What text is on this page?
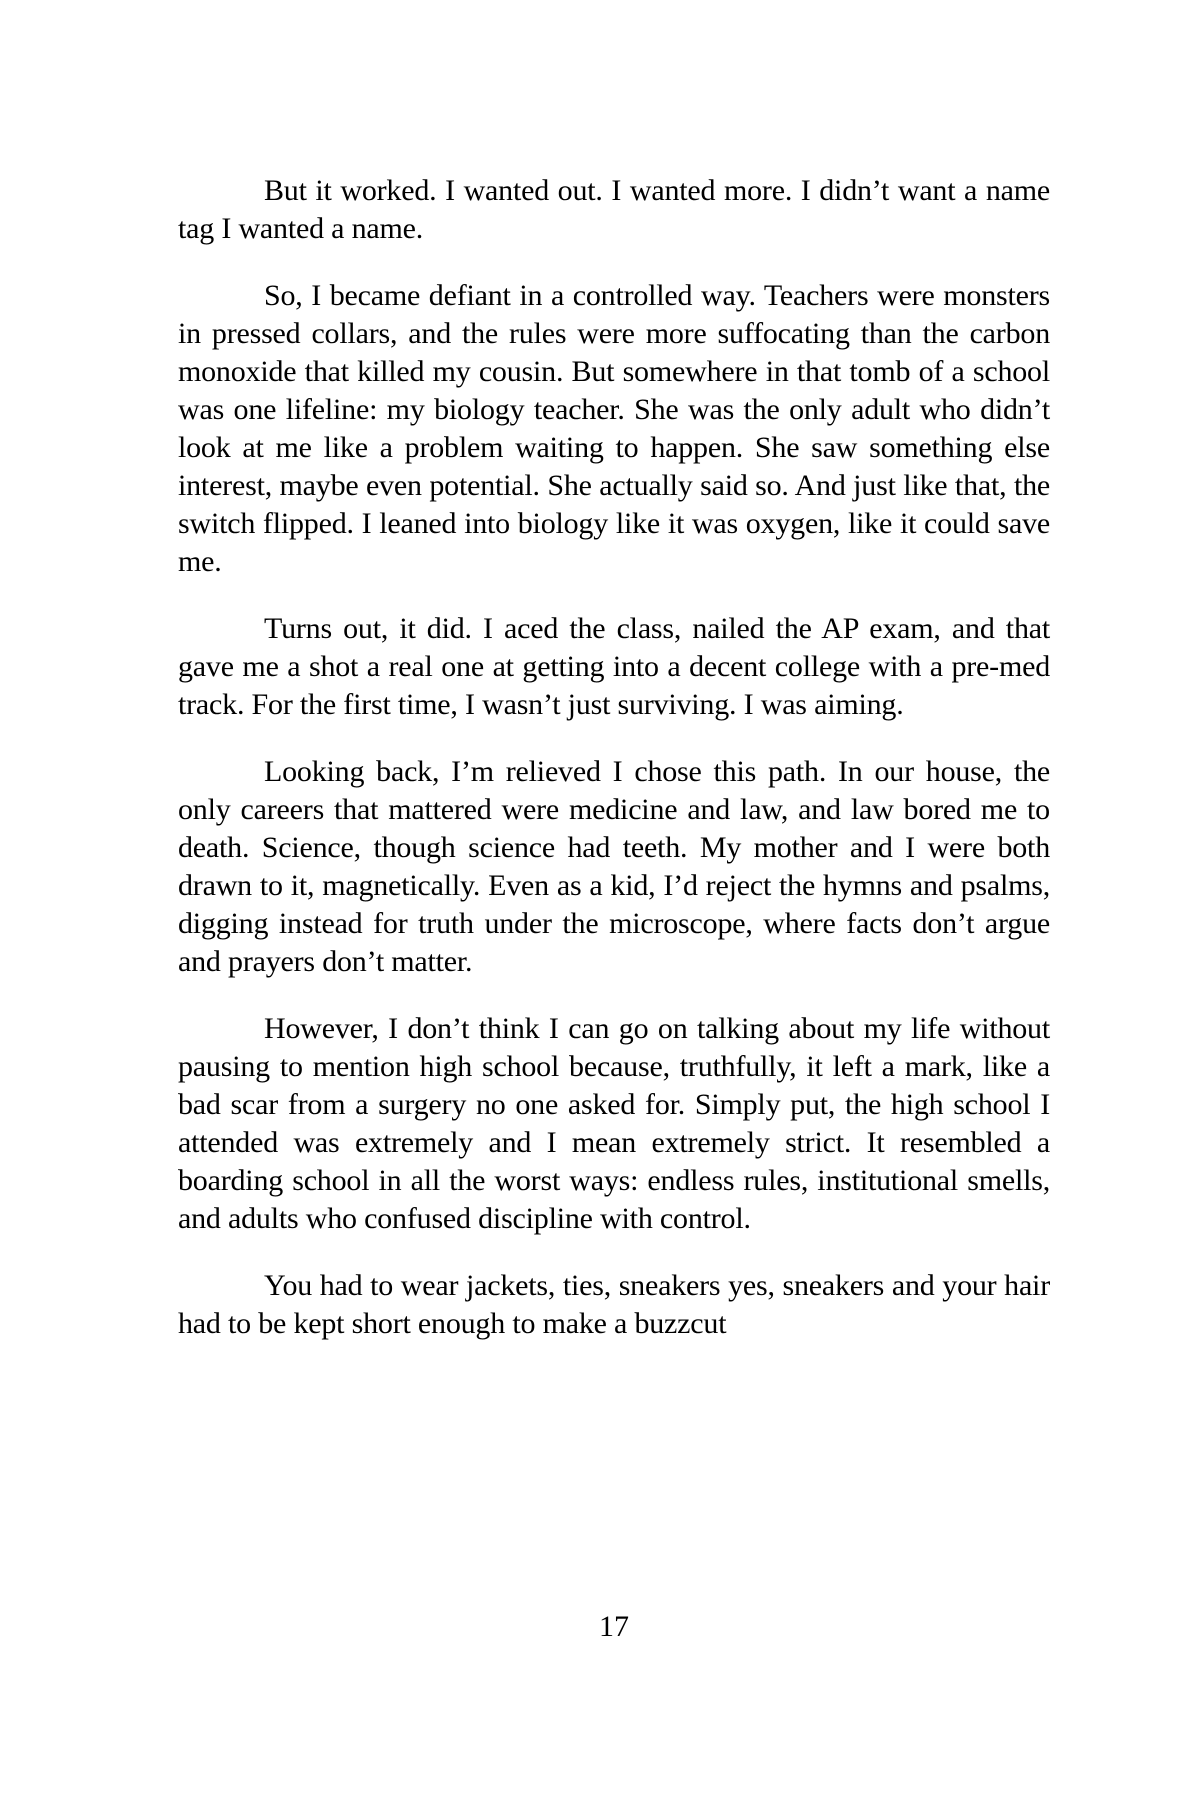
But it worked. I wanted out. I wanted more. I didn’t want a name tag I wanted a name.

So, I became defiant in a controlled way. Teachers were monsters in pressed collars, and the rules were more suffocating than the carbon monoxide that killed my cousin. But somewhere in that tomb of a school was one lifeline: my biology teacher. She was the only adult who didn’t look at me like a problem waiting to happen. She saw something else interest, maybe even potential. She actually said so. And just like that, the switch flipped. I leaned into biology like it was oxygen, like it could save me.

Turns out, it did. I aced the class, nailed the AP exam, and that gave me a shot a real one at getting into a decent college with a pre-med track. For the first time, I wasn’t just surviving. I was aiming.

Looking back, I’m relieved I chose this path. In our house, the only careers that mattered were medicine and law, and law bored me to death. Science, though science had teeth. My mother and I were both drawn to it, magnetically. Even as a kid, I’d reject the hymns and psalms, digging instead for truth under the microscope, where facts don’t argue and prayers don’t matter.

However, I don’t think I can go on talking about my life without pausing to mention high school because, truthfully, it left a mark, like a bad scar from a surgery no one asked for. Simply put, the high school I attended was extremely and I mean extremely strict. It resembled a boarding school in all the worst ways: endless rules, institutional smells, and adults who confused discipline with control.

You had to wear jackets, ties, sneakers yes, sneakers and your hair had to be kept short enough to make a buzzcut

17
